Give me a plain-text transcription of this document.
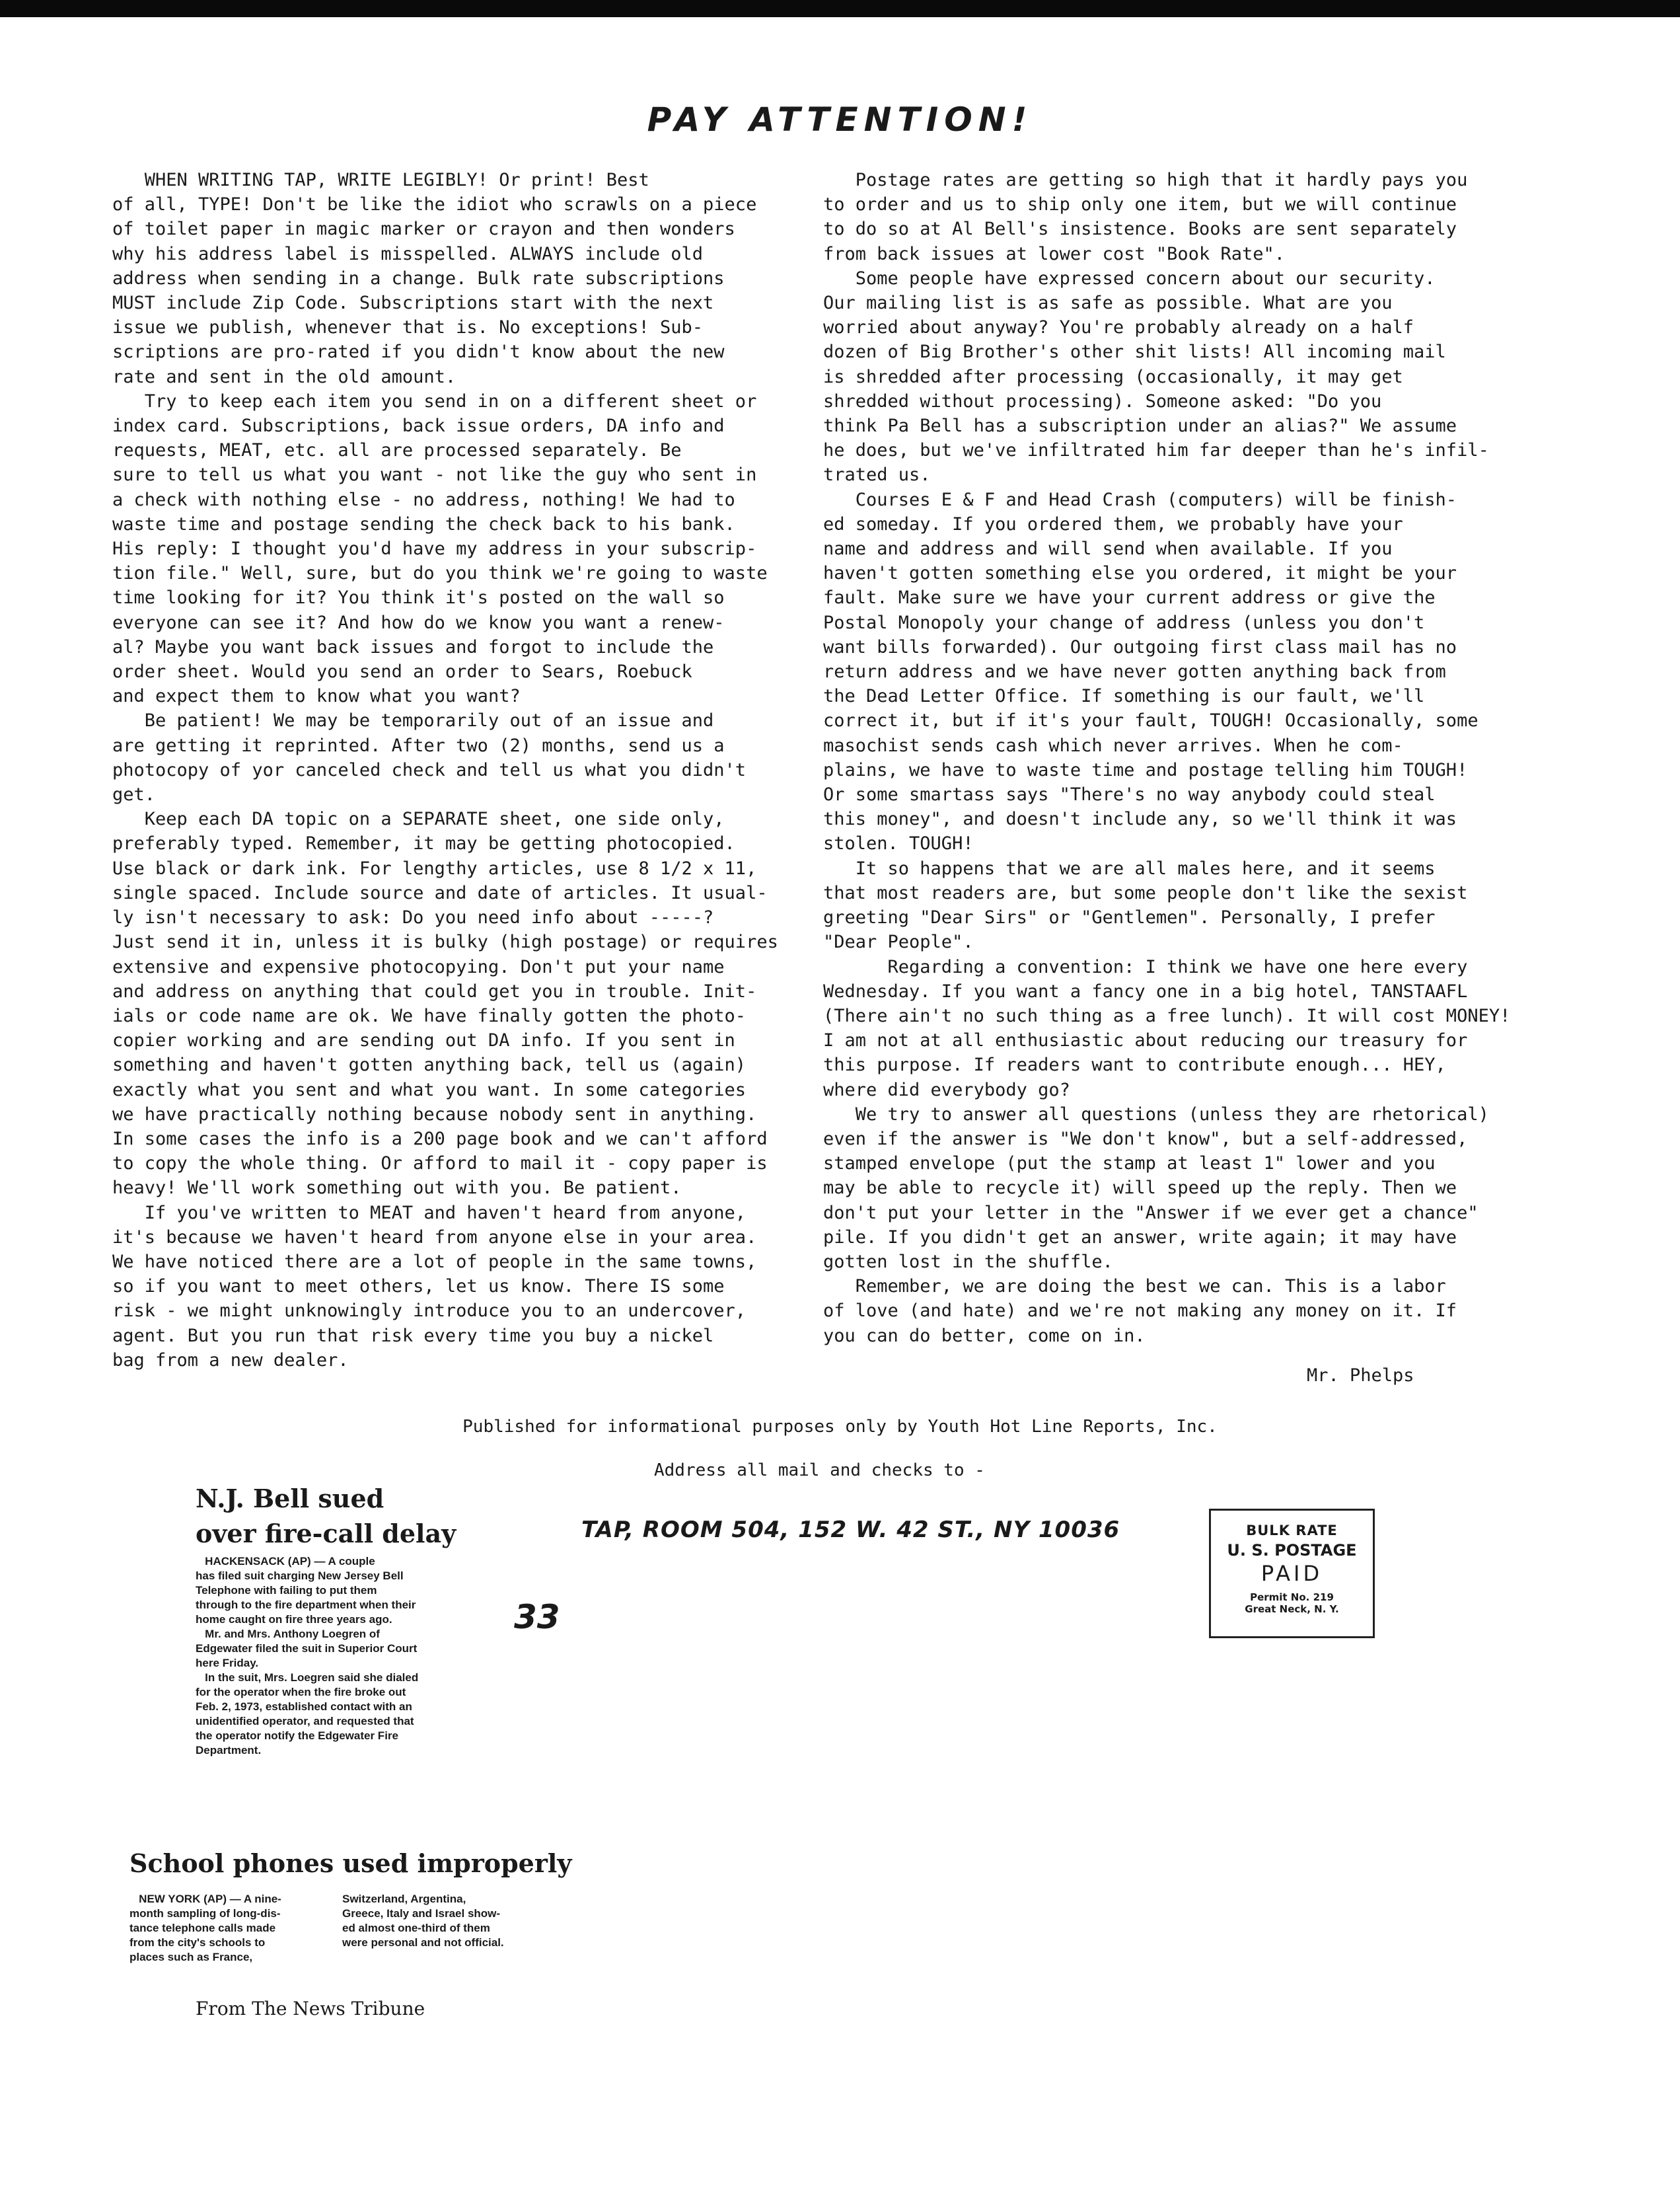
PAY ATTENTION!
WHEN WRITING TAP, WRITE LEGIBLY! Or print! Best
of all, TYPE! Don't be like the idiot who scrawls on a piece
of toilet paper in magic marker or crayon and then wonders
why his address label is misspelled. ALWAYS include old
address when sending in a change. Bulk rate subscriptions
MUST include Zip Code. Subscriptions start with the next
issue we publish, whenever that is. No exceptions! Sub-
scriptions are pro-rated if you didn't know about the new
rate and sent in the old amount.
Try to keep each item you send in on a different sheet or
index card. Subscriptions, back issue orders, DA info and
requests, MEAT, etc. all are processed separately. Be
sure to tell us what you want - not like the guy who sent in
a check with nothing else - no address, nothing! We had to
waste time and postage sending the check back to his bank.
His reply: I thought you'd have my address in your subscrip-
tion file." Well, sure, but do you think we're going to waste
time looking for it? You think it's posted on the wall so
everyone can see it? And how do we know you want a renew-
al? Maybe you want back issues and forgot to include the
order sheet. Would you send an order to Sears, Roebuck
and expect them to know what you want?
Be patient! We may be temporarily out of an issue and
are getting it reprinted. After two (2) months, send us a
photocopy of yor canceled check and tell us what you didn't
get.
Keep each DA topic on a SEPARATE sheet, one side only,
preferably typed. Remember, it may be getting photocopied.
Use black or dark ink. For lengthy articles, use 8 1/2 x 11,
single spaced. Include source and date of articles. It usual-
ly isn't necessary to ask: Do you need info about -----?
Just send it in, unless it is bulky (high postage) or requires
extensive and expensive photocopying. Don't put your name
and address on anything that could get you in trouble. Init-
ials or code name are ok. We have finally gotten the photo-
copier working and are sending out DA info. If you sent in
something and haven't gotten anything back, tell us (again)
exactly what you sent and what you want. In some categories
we have practically nothing because nobody sent in anything.
In some cases the info is a 200 page book and we can't afford
to copy the whole thing. Or afford to mail it - copy paper is
heavy! We'll work something out with you. Be patient.
If you've written to MEAT and haven't heard from anyone,
it's because we haven't heard from anyone else in your area.
We have noticed there are a lot of people in the same towns,
so if you want to meet others, let us know. There IS some
risk - we might unknowingly introduce you to an undercover,
agent. But you run that risk every time you buy a nickel
bag from a new dealer.
Postage rates are getting so high that it hardly pays you
to order and us to ship only one item, but we will continue
to do so at Al Bell's insistence. Books are sent separately
from back issues at lower cost "Book Rate".
Some people have expressed concern about our security.
Our mailing list is as safe as possible. What are you
worried about anyway? You're probably already on a half
dozen of Big Brother's other shit lists! All incoming mail
is shredded after processing (occasionally, it may get
shredded without processing). Someone asked: "Do you
think Pa Bell has a subscription under an alias?" We assume
he does, but we've infiltrated him far deeper than he's infil-
trated us.
Courses E & F and Head Crash (computers) will be finish-
ed someday. If you ordered them, we probably have your
name and address and will send when available. If you
haven't gotten something else you ordered, it might be your
fault. Make sure we have your current address or give the
Postal Monopoly your change of address (unless you don't
want bills forwarded). Our outgoing first class mail has no
return address and we have never gotten anything back from
the Dead Letter Office. If something is our fault, we'll
correct it, but if it's your fault, TOUGH! Occasionally, some
masochist sends cash which never arrives. When he com-
plains, we have to waste time and postage telling him TOUGH!
Or some smartass says "There's no way anybody could steal
this money", and doesn't include any, so we'll think it was
stolen. TOUGH!
It so happens that we are all males here, and it seems
that most readers are, but some people don't like the sexist
greeting "Dear Sirs" or "Gentlemen". Personally, I prefer
"Dear People".
Regarding a convention: I think we have one here every
Wednesday. If you want a fancy one in a big hotel, TANSTAAFL
(There ain't no such thing as a free lunch). It will cost MONEY!
I am not at all enthusiastic about reducing our treasury for
this purpose. If readers want to contribute enough... HEY,
where did everybody go?
We try to answer all questions (unless they are rhetorical)
even if the answer is "We don't know", but a self-addressed,
stamped envelope (put the stamp at least 1" lower and you
may be able to recycle it) will speed up the reply. Then we
don't put your letter in the "Answer if we ever get a chance"
pile. If you didn't get an answer, write again; it may have
gotten lost in the shuffle.
Remember, we are doing the best we can. This is a labor
of love (and hate) and we're not making any money on it. If
you can do better, come on in.
Mr. Phelps
Published for informational purposes only by Youth Hot Line Reports, Inc.
Address all mail and checks to -
TAP, ROOM 504, 152 W. 42 ST., NY 10036
33
BULK RATE
U. S. POSTAGE
PAID
Permit No. 219
Great Neck, N. Y.
N.J. Bell sued
over fire-call delay
HACKENSACK (AP) — A couple
has filed suit charging New Jersey Bell
Telephone with failing to put them
through to the fire department when their
home caught on fire three years ago.
Mr. and Mrs. Anthony Loegren of
Edgewater filed the suit in Superior Court
here Friday.
In the suit, Mrs. Loegren said she dialed
for the operator when the fire broke out
Feb. 2, 1973, established contact with an
unidentified operator, and requested that
the operator notify the Edgewater Fire
Department.
School phones used improperly
NEW YORK (AP) — A nine-
month sampling of long-dis-
tance telephone calls made
from the city's schools to
places such as France,
Switzerland, Argentina,
Greece, Italy and Israel show-
ed almost one-third of them
were personal and not official.
From The News Tribune
